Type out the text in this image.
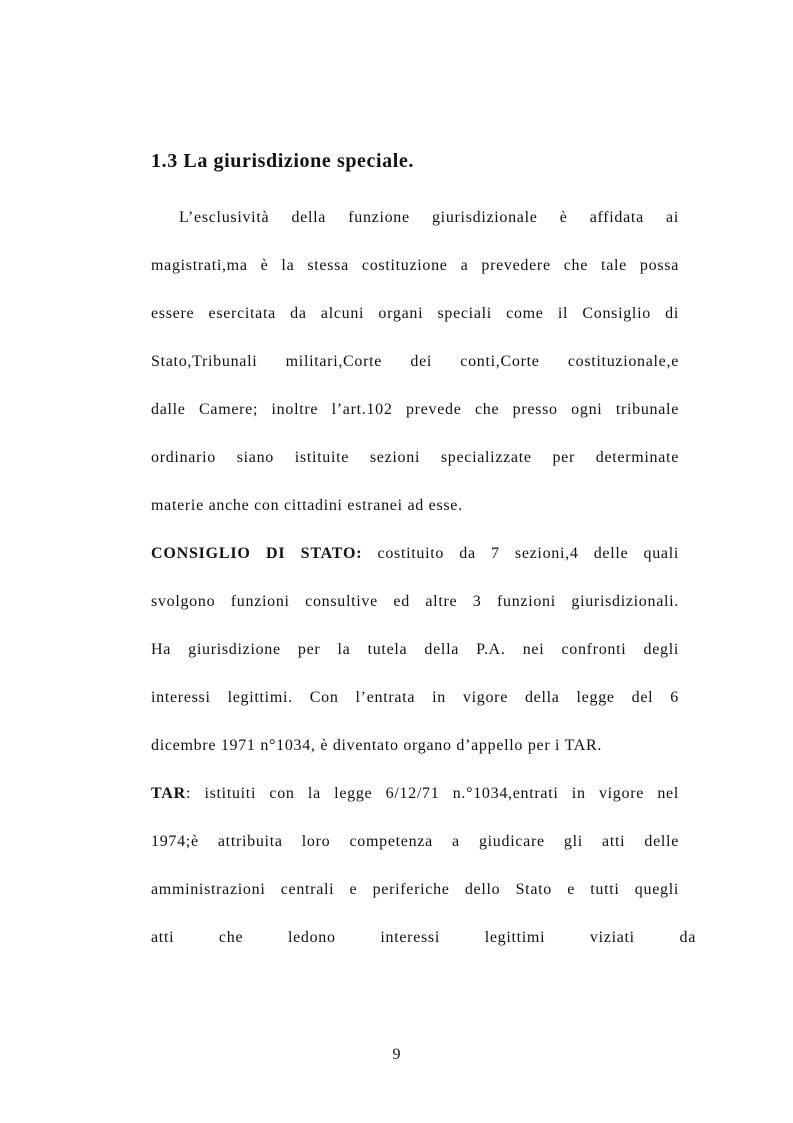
1.3 La giurisdizione speciale.
L’esclusività della funzione giurisdizionale è affidata ai
magistrati,ma è la stessa costituzione a prevedere che tale possa
essere esercitata da alcuni organi speciali come il Consiglio di
Stato,Tribunali militari,Corte dei conti,Corte costituzionale,e
dalle Camere; inoltre l’art.102 prevede che presso ogni tribunale
ordinario siano istituite sezioni specializzate per determinate
materie anche con cittadini estranei ad esse.
CONSIGLIO DI STATO: costituito da 7 sezioni,4 delle quali
svolgono funzioni consultive ed altre 3 funzioni giurisdizionali.
Ha giurisdizione per la tutela della P.A. nei confronti degli
interessi legittimi. Con l’entrata in vigore della legge del 6
dicembre 1971 n°1034, è diventato organo d’appello per i TAR.
TAR: istituiti con la legge 6/12/71 n.°1034,entrati in vigore nel
1974;è attribuita loro competenza a giudicare gli atti delle
amministrazioni centrali e periferiche dello Stato e tutti quegli
atti che ledono interessi legittimi viziati da
9
